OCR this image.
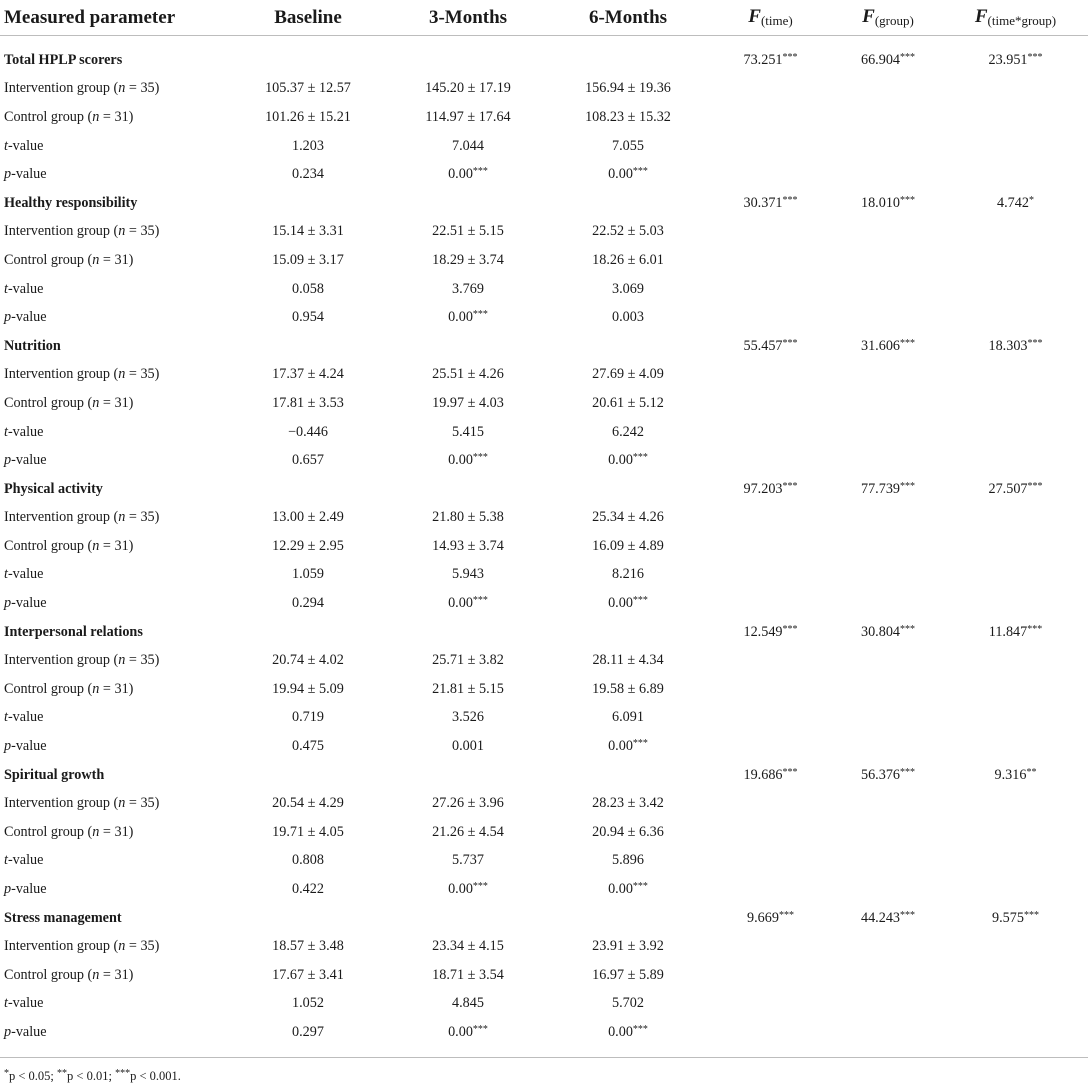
Measured parameter	Baseline	3-Months	6-Months	$F_{(time)}$	$F_{(group)}$	$F_{(time*group)}$
Total HPLP scorers				73.251***	66.904***	23.951***
Intervention group (n = 35)	105.37 ± 12.57	145.20 ± 17.19	156.94 ± 19.36			
Control group (n = 31)	101.26 ± 15.21	114.97 ± 17.64	108.23 ± 15.32			
t-value	1.203	7.044	7.055			
p-value	0.234	0.00***	0.00***			
Healthy responsibility				30.371***	18.010***	4.742*
Intervention group (n = 35)	15.14 ± 3.31	22.51 ± 5.15	22.52 ± 5.03			
Control group (n = 31)	15.09 ± 3.17	18.29 ± 3.74	18.26 ± 6.01			
t-value	0.058	3.769	3.069			
p-value	0.954	0.00***	0.003			
Nutrition				55.457***	31.606***	18.303***
Intervention group (n = 35)	17.37 ± 4.24	25.51 ± 4.26	27.69 ± 4.09			
Control group (n = 31)	17.81 ± 3.53	19.97 ± 4.03	20.61 ± 5.12			
t-value	−0.446	5.415	6.242			
p-value	0.657	0.00***	0.00***			
Physical activity				97.203***	77.739***	27.507***
Intervention group (n = 35)	13.00 ± 2.49	21.80 ± 5.38	25.34 ± 4.26			
Control group (n = 31)	12.29 ± 2.95	14.93 ± 3.74	16.09 ± 4.89			
t-value	1.059	5.943	8.216			
p-value	0.294	0.00***	0.00***			
Interpersonal relations				12.549***	30.804***	11.847***
Intervention group (n = 35)	20.74 ± 4.02	25.71 ± 3.82	28.11 ± 4.34			
Control group (n = 31)	19.94 ± 5.09	21.81 ± 5.15	19.58 ± 6.89			
t-value	0.719	3.526	6.091			
p-value	0.475	0.001	0.00***			
Spiritual growth				19.686***	56.376***	9.316**
Intervention group (n = 35)	20.54 ± 4.29	27.26 ± 3.96	28.23 ± 3.42			
Control group (n = 31)	19.71 ± 4.05	21.26 ± 4.54	20.94 ± 6.36			
t-value	0.808	5.737	5.896			
p-value	0.422	0.00***	0.00***			
Stress management				9.669***	44.243***	9.575***
Intervention group (n = 35)	18.57 ± 3.48	23.34 ± 4.15	23.91 ± 3.92			
Control group (n = 31)	17.67 ± 3.41	18.71 ± 3.54	16.97 ± 5.89			
t-value	1.052	4.845	5.702			
p-value	0.297	0.00***	0.00***			
*p < 0.05; **p < 0.01; ***p < 0.001.
